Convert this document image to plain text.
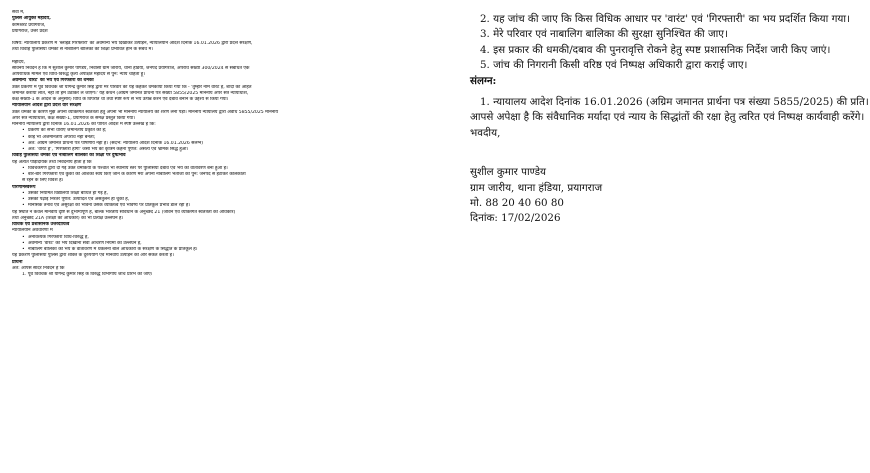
सेवा में,

पुलिस आयुक्त महोदय,

कमिश्नरेट प्रयागराज,

प्रयागराज, उत्तर प्रदेश

विषय: न्यायालीय प्रकरण में 'ब्लाइंड गिरफ्तारी' का अवमान्य भय दिखाकर उत्पीड़न, न्यायालयीन आदेश दिनांक 16.01.2026 द्वारा प्रदत्त संरक्षण,

तथा विवाह पुलिसिया धमकी से नाबालिग बालिका की शिक्षा प्रभावित होने के संबंध में।

महोदय,

सविनय निवेदन है कि मैं सुशील कुमार पाण्डेय, निवासी ग्राम जारीय, थाना हंडिया, जनपद प्रयागराज, अपराध संख्या 300/2024 से संबंधित एक

आपराधिक मामले एवं विधि-विरुद्ध कृत्य अपेक्षित महोदय से पुन: न्याय चाहता हूँ।

अवमान्य 'वारंट' का भय एवं गिरफ्तारी की धमकी

उक्त प्रकरण में पूर्व विवेचक श्री योगेन्द्र कुमार सिंह द्वारा मेरे परिवार को यह कहकर धमकाया किया गया कि - 'तुम्हारे नाम वारंट है, शादी का अहित

जमानत कराया लाते, नहीं तो हम उठाकर ले जाएंगे।' यह कथन (अग्रिम जमानत प्रार्थना पत्र संख्या 5855/2025 माननीय अपर सत्र न्यायाधीश,

कक्ष संख्या-1 के आदेश के अनुसार) विधि के विपरीत था तथा स्पष्ट रूप से भय उत्पन्न करने एवं दबाव बनाने के उद्देश्य से किया गया।

न्यायालयीन आदेश द्वारा प्रदत्त वार संरक्षण

उक्त धमकी के कारण मुझे अपनी व्यक्तिगत स्वतंत्रता हेतु अपनी भी माननीय न्यायालय की शरण लेनी पड़ी। माननीय न्यायालय द्वारा अवधि 5855/2025 माननीय

अपर सत्र न्यायाधीश, कक्ष संख्या-1, प्रयागराज के समक्ष प्रस्तुत किया गया।

माननीय न्यायालय द्वारा दिनांक 16.01.2026 को पारित आदेश में स्पष्ट उल्लेख है कि:

• प्रकरण की सभी धाराएं जमानतीय प्रकृति की हैं;

• कोई भी अजमानतीय अपराध नहीं बनता;

• अत: अग्रिम जमानत प्रार्थना पत्र पोषणीय नहीं है। (संदर्भ: न्यायालय आदेश दिनांक 16.01.2026 संलग्न)

• अत: 'वारंट है', 'गिरफ्तारी होगी' जैसा भय की कृत्रिम कहना पूर्णत: असत्य एवं भ्रामक सिद्ध हुआ।

विवाह पुलिसिया धमकी एवं नाबालिग बालिका की शिक्षा पर दुष्प्रभाव

यह अत्यंत पीड़ादायक तथ्य निवेदनीय होता है कि

• विवेचकगण द्वारा दी गई उक्त धमकियों के पश्चात भी स्थानीय स्तर पर पुलिसिया दबाव एवं भय का वातावरण बना हुआ है।

• बार-बार गिरफ्तारी एवं कुर्की की आशंका स्वयं किए जाने के कारण मेरा अपनी नाबालिग भतीजी को पुन: जनपद से हटाकर कोलकाता

से रहने के लिए विवश है।

परिणामस्वरूप

• उसकी नियमित विद्यालयी शिक्षा बाधित हो गई है,

• उसकी पढ़ाई निरंतर पूर्णत: उत्पादित एवं असंतुलन हो चुकी है,

• मानसिक तनाव एवं असुरक्षा की भावना उसके व्यक्तित्व एवं भविष्य पर प्रतिकूल प्रभाव डाल रही है।

यह स्थिति न केवल मानवीय दृष्टि से दुर्भाग्यपूर्ण है, बल्कि भारतीय संविधान के अनुच्छेद 21 (जीवन एवं व्यक्तिगत स्वतंत्रता का अधिकार)

तथा अनुच्छेद 21A (शिक्षा का अधिकार) का भी प्रत्यक्ष उल्लंघन है।

विधिक एवं प्रशासनिक उत्तरदायित्व

न्यायालयीन अवधारणा में

• अनावश्यक गिरफ्तारी विधि-विरुद्ध है,

• अवमान्य 'वारंट' का भय दिखाना सेवा आचरण नियमों का उल्लंघन है,

• नाबालिग बालिका को भय के वातावरण में धकेलना बाल अधिकारों के संरक्षण के सिद्धांत के प्रतिकूल है।

यह प्रकरण पुलिसिया पुलिस द्वारा शक्ति के दुरुपयोग एवं मानवीय उत्पीड़न की ओर संकेत करती है।

प्रार्थना

अत: आपसे सादर निवेदन है कि

1. पूर्व विवेचक श्री योगेन्द्र कुमार सिंह के विरुद्ध विभागीय जांच प्रारंभ की जाए।

2. यह जांच की जाए कि किस विधिक आधार पर 'वारंट' एवं 'गिरफ्तारी' का भय प्रदर्शित किया गया।
3. मेरे परिवार एवं नाबालिग बालिका की सुरक्षा सुनिश्चित की जाए।
4. इस प्रकार की धमकी/दबाव की पुनरावृत्ति रोकने हेतु स्पष्ट प्रशासनिक निर्देश जारी किए जाएं।
5. जांच की निगरानी किसी वरिष्ठ एवं निष्पक्ष अधिकारी द्वारा कराई जाए।

संलग्न:

1. न्यायालय आदेश दिनांक 16.01.2026 (अग्रिम जमानत प्रार्थना पत्र संख्या 5855/2025) की प्रति।

आपसे अपेक्षा है कि संवैधानिक मर्यादा एवं न्याय के सिद्धांतों की रक्षा हेतु त्वरित एवं निष्पक्ष कार्यवाही करेंगे।

भवदीय,

सुशील कुमार पाण्डेय

ग्राम जारीय, थाना हंडिया, प्रयागराज

मो. 88 20 40 60 80

दिनांक: 17/02/2026
